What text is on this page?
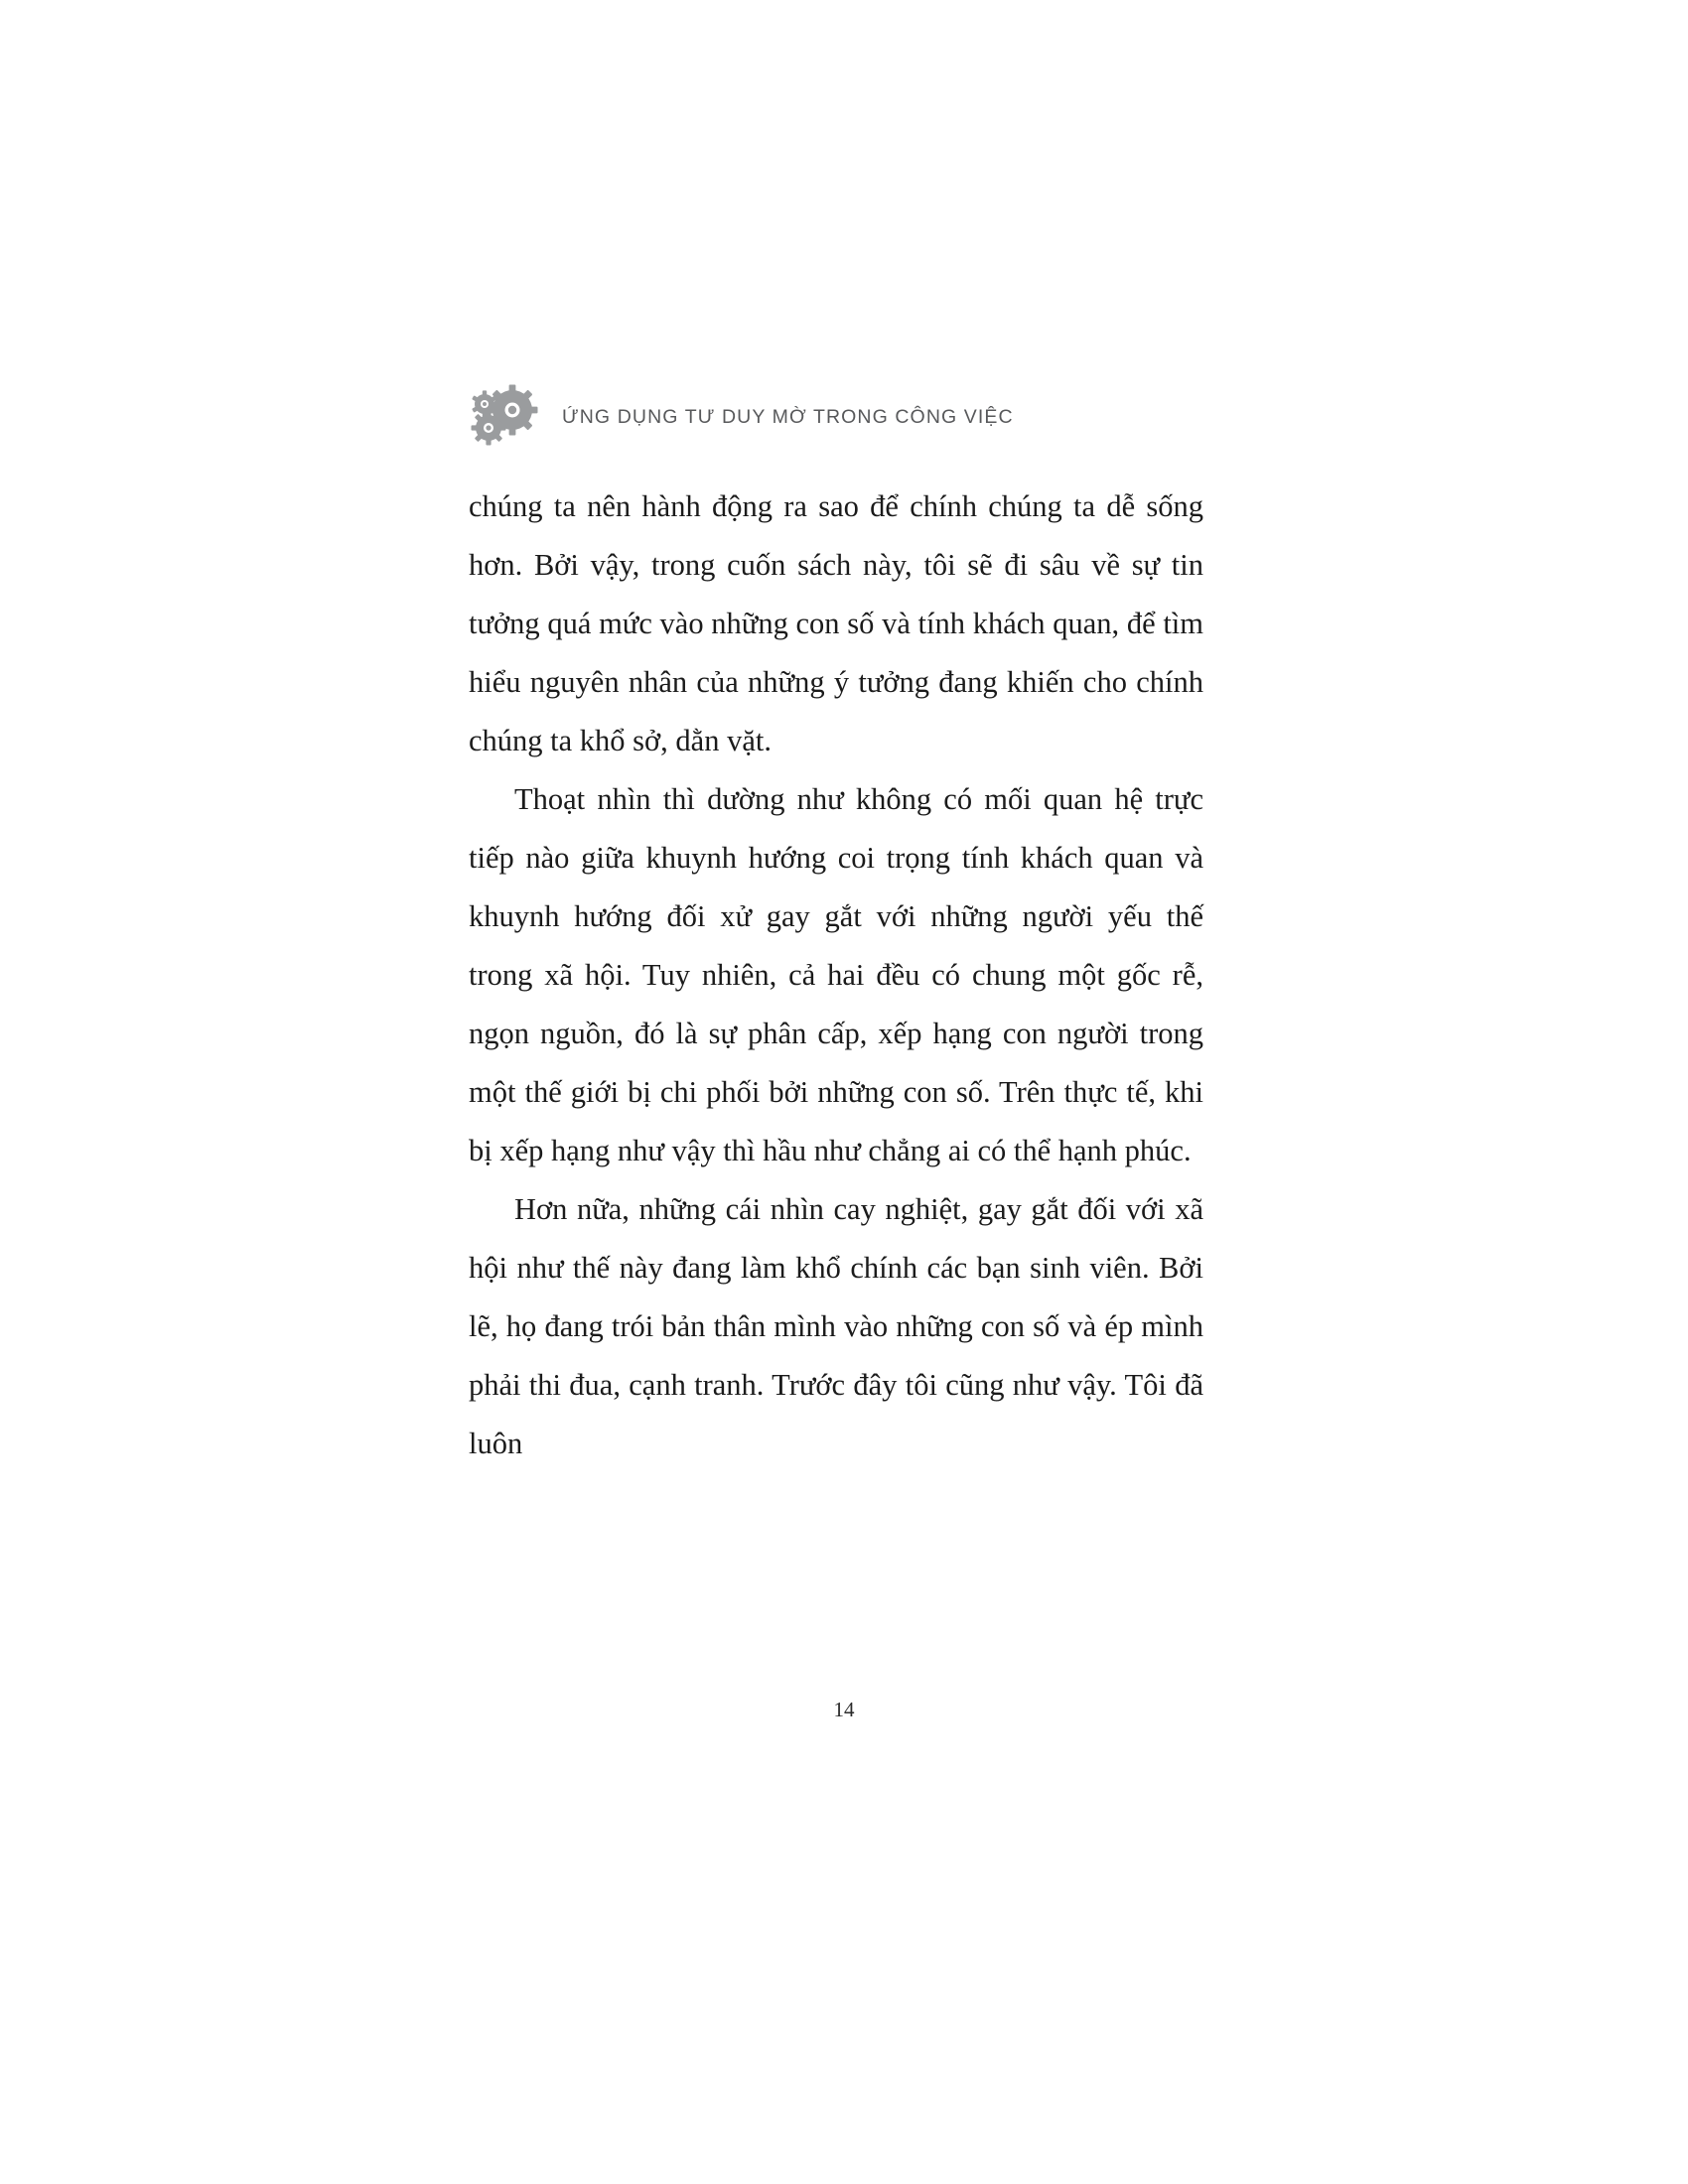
ỨNG DỤNG TƯ DUY MỜ TRONG CÔNG VIỆC

chúng ta nên hành động ra sao để chính chúng ta dễ sống hơn. Bởi vậy, trong cuốn sách này, tôi sẽ đi sâu về sự tin tưởng quá mức vào những con số và tính khách quan, để tìm hiểu nguyên nhân của những ý tưởng đang khiến cho chính chúng ta khổ sở, dằn vặt.

Thoạt nhìn thì dường như không có mối quan hệ trực tiếp nào giữa khuynh hướng coi trọng tính khách quan và khuynh hướng đối xử gay gắt với những người yếu thế trong xã hội. Tuy nhiên, cả hai đều có chung một gốc rễ, ngọn nguồn, đó là sự phân cấp, xếp hạng con người trong một thế giới bị chi phối bởi những con số. Trên thực tế, khi bị xếp hạng như vậy thì hầu như chẳng ai có thể hạnh phúc.

Hơn nữa, những cái nhìn cay nghiệt, gay gắt đối với xã hội như thế này đang làm khổ chính các bạn sinh viên. Bởi lẽ, họ đang trói bản thân mình vào những con số và ép mình phải thi đua, cạnh tranh. Trước đây tôi cũng như vậy. Tôi đã luôn

14
